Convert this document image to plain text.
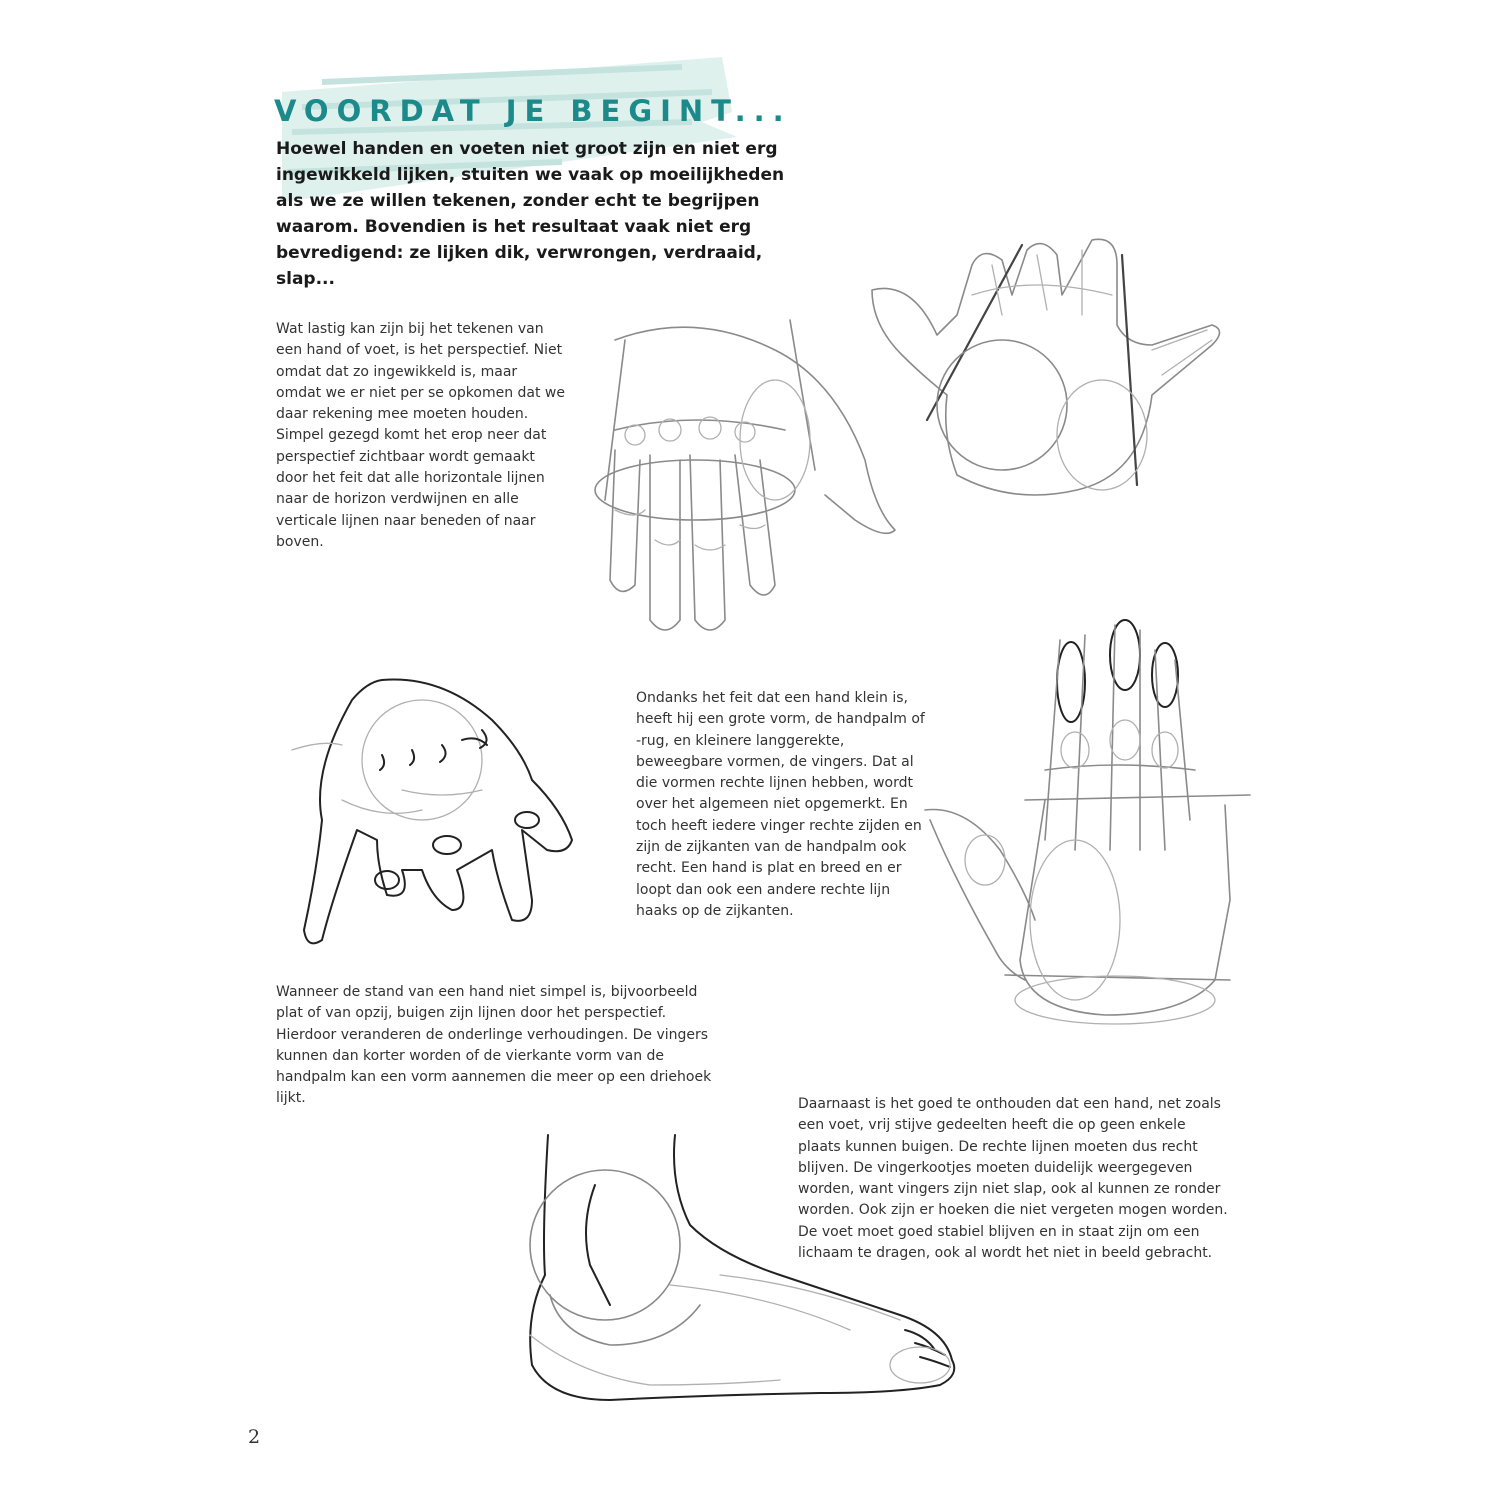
VOORDAT JE BEGINT...

Hoewel handen en voeten niet groot zijn en niet erg ingewikkeld lijken, stuiten we vaak op moeilijkheden als we ze willen tekenen, zonder echt te begrijpen waarom. Bovendien is het resultaat vaak niet erg bevredigend: ze lijken dik, verwrongen, verdraaid, slap...

Wat lastig kan zijn bij het tekenen van een hand of voet, is het perspectief. Niet omdat dat zo ingewikkeld is, maar omdat we er niet per se opkomen dat we daar rekening mee moeten houden. Simpel gezegd komt het erop neer dat perspectief zichtbaar wordt gemaakt door het feit dat alle horizontale lijnen naar de horizon verdwijnen en alle verticale lijnen naar beneden of naar boven.

Ondanks het feit dat een hand klein is, heeft hij een grote vorm, de handpalm of -rug, en kleinere langgerekte, beweegbare vormen, de vingers. Dat al die vormen rechte lijnen hebben, wordt over het algemeen niet opgemerkt. En toch heeft iedere vinger rechte zijden en zijn de zijkanten van de handpalm ook recht. Een hand is plat en breed en er loopt dan ook een andere rechte lijn haaks op de zijkanten.

Wanneer de stand van een hand niet simpel is, bijvoorbeeld plat of van opzij, buigen zijn lijnen door het perspectief. Hierdoor veranderen de onderlinge verhoudingen. De vingers kunnen dan korter worden of de vierkante vorm van de handpalm kan een vorm aannemen die meer op een driehoek lijkt.	Daarnaast is het goed te onthouden dat een hand, net zoals een voet, vrij stijve gedeelten heeft die op geen enkele plaats kunnen buigen. De rechte lijnen moeten dus recht blijven. De vingerkootjes moeten duidelijk weergegeven worden, want vingers zijn niet slap, ook al kunnen ze ronder worden. Ook zijn er hoeken die niet vergeten mogen worden. De voet moet goed stabiel blijven en in staat zijn om een lichaam te dragen, ook al wordt het niet in beeld gebracht.

2
